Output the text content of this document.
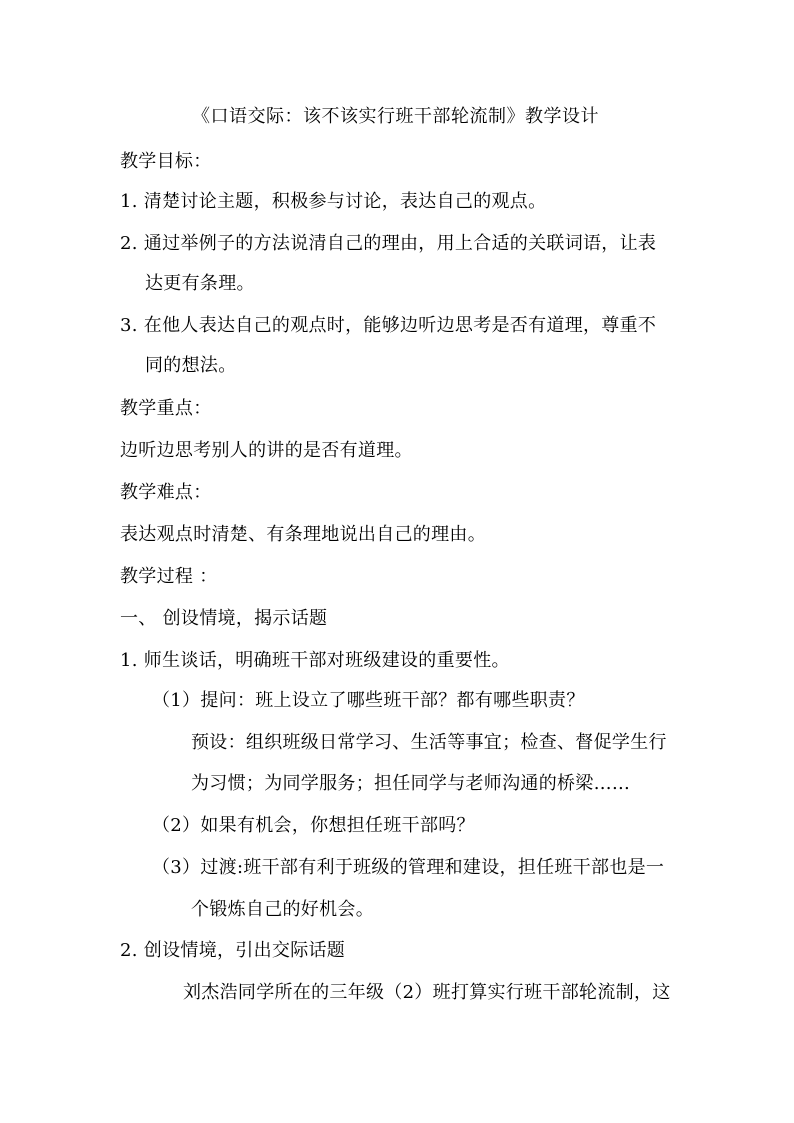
《口语交际：该不该实行班干部轮流制》教学设计
教学目标：
1. 清楚讨论主题，积极参与讨论，表达自己的观点。
2. 通过举例子的方法说清自己的理由，用上合适的关联词语，让表
达更有条理。
3. 在他人表达自己的观点时，能够边听边思考是否有道理，尊重不
同的想法。
教学重点：
边听边思考别人的讲的是否有道理。
教学难点：
表达观点时清楚、有条理地说出自己的理由。
教学过程 ：
一、 创设情境，揭示话题
1. 师生谈话，明确班干部对班级建设的重要性。
（1）提问：班上设立了哪些班干部？都有哪些职责？
预设：组织班级日常学习、生活等事宜；检查、督促学生行
为习惯；为同学服务；担任同学与老师沟通的桥梁……
（2）如果有机会，你想担任班干部吗？
（3）过渡:班干部有利于班级的管理和建设，担任班干部也是一
个锻炼自己的好机会。
2. 创设情境，引出交际话题
刘杰浩同学所在的三年级（2）班打算实行班干部轮流制，这
